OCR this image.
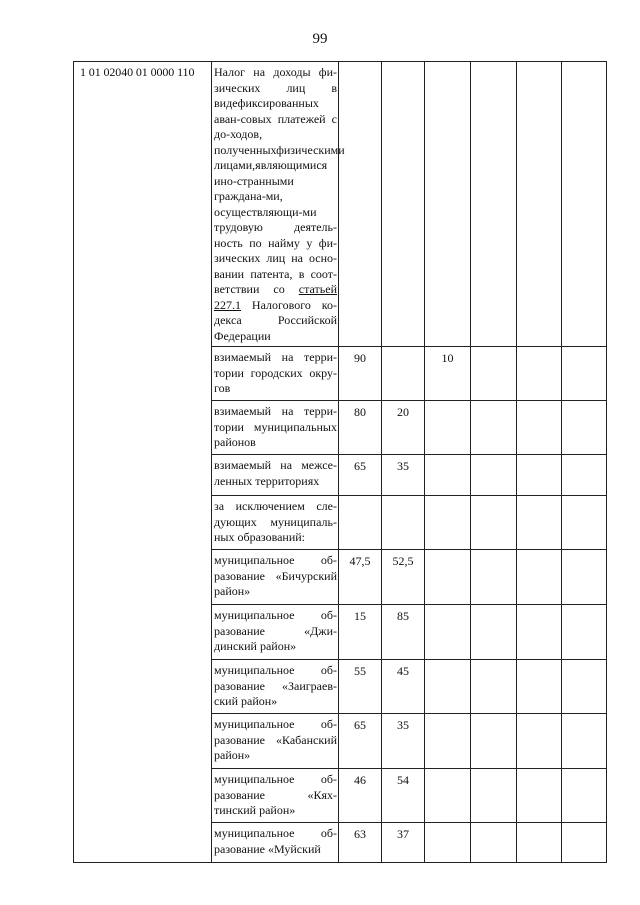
99
1 01 02040 01 0000 110	Налог на доходы фи-зических лиц в видефиксированных аван-совых платежей с до-ходов, полученныхфизическими лицами,являющимися ино-странными граждана-ми, осуществляющи-ми трудовую деятель-ность по найму у фи-зических лиц на осно-вании патента, в соот-ветствии со статьей 227.1 Налогового ко-декса Российской Федерации						
	взимаемый на терри-тории городских окру-гов	90		10			
	взимаемый на терри-тории муниципальных районов	80	20				
	взимаемый на межсе-ленных территориях	65	35				
	за исключением сле-дующих муниципаль-ных образований:						
	муниципальное об-разование «Бичурский район»	47,5	52,5				
	муниципальное об-разование «Джи-динский район»	15	85				
	муниципальное об-разование «Заиграев-ский район»	55	45				
	муниципальное об-разование «Кабанский район»	65	35				
	муниципальное об-разование «Кях-тинский район»	46	54				
	муниципальное об-разование «Муйский	63	37				
